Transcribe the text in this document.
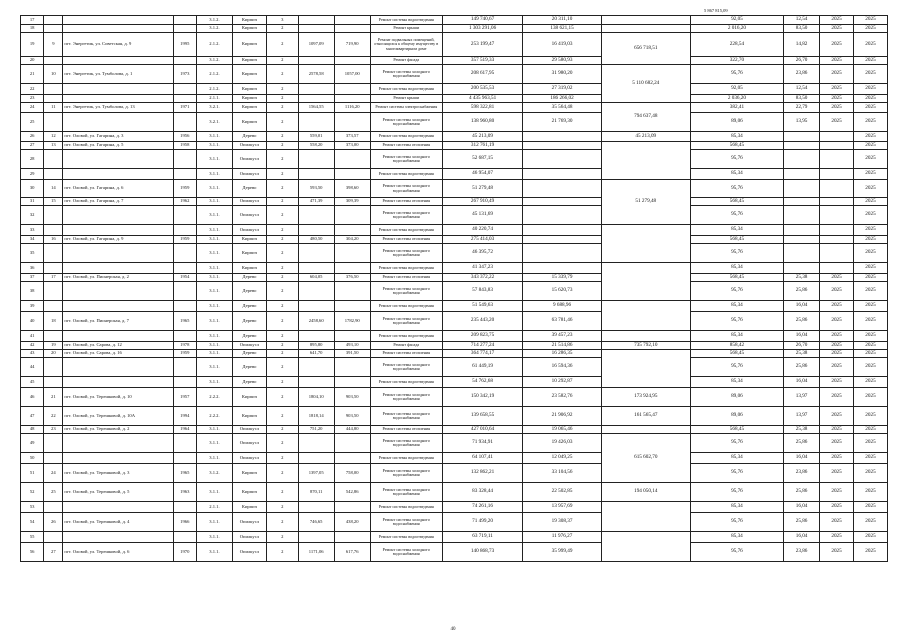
5 867 815,09
17				3.1.2.	Кирпич	3			Ремонт системы водоотведения	149 740,67	20 311,10		92,05	12,54	2025	2025
18				3.1.2.	Кирпич	2			Ремонт крыши	1 303 291,06	138 621,15		2 016,20	83,50	2025	2025
19	9	пгт. Энергетик, ул. Советская, д. 9	1995	2.1.2.	Кирпич	2	1097,09	719,90	Ремонт подвальных помещений, относящихся к общему имуществу в многоквартирном доме	253 199,47	16 419,03	656 718,51	228,54	14,82	2025	2025
20				3.1.2.	Кирпич	2			Ремонт фасада	357 519,33	29 580,93		322,70	26,70	2025	2025
21	10	пгт. Энергетик, ул. Тумболова, д. 1	1973	2.1.2.	Кирпич	2	2578,58	1057,00	Ремонт системы холодного водоснабжения	208 617,95	31 980,20	5 110 682,24	95,76	23,86	2025	2025
22				2.1.2.	Кирпич	2			Ремонт системы водоотведения	200 535,53	27 319,02		92,05	12,54	2025	2025
23				2.1.1.	Кирпич	2			Ремонт крыши	4 435 963,51	186 266,02		2 036,20	83,50	2025	2025
24	11	пгт. Энергетик, ул. Тумболова, д. 13	1971	3.2.1.	Кирпич	2	1564,55	1116,20	Ремонт системы электроснабжения	598 322,81	35 564,48	794 637,48	382,41	22,79	2025	2025
25				3.2.1.	Кирпич	2			Ремонт системы холодного водоснабжения	138 960,80	21 769,30		89,06	13,95	2025	2025
26	12	пгт. Оловой, ул. Гагарина, д. 3	1956	3.1.1.	Дерево	2	559,01	373,57	Ремонт системы водоотведения	45 213,09		45 213,09	85,34			2025
27	13	пгт. Оловой, ул. Гагарина, д. 5	1958	3.1.1.	Опилкусл	2	558,20	373,00	Ремонт системы отопления	312 761,19			568,45			2025
28				3.1.1.	Опилкусл	2			Ремонт системы холодного водоснабжения	52 687,15			95,76			2025
29				3.1.1.	Опилкусл	2			Ремонт системы водоотведения	46 954,07			85,34			2025
30	14	пгт. Оловой, ул. Гагарина, д. 6	1959	3.1.1.	Дерево	2	593,50	398,60	Ремонт системы холодного водоснабжения	51 279,48		51 279,48	95,76			2025
31	15	пгт. Оловой, ул. Гагарина, д. 7	1962	3.1.1.	Опилкусл	2	471,39	309,39	Ремонт системы отопления	267 910,49			568,45			2025
32				3.1.1.	Опилкусл	2			Ремонт системы холодного водоснабжения	45 131,69			95,76			2025
33				3.1.1.	Опилкусл	2			Ремонт системы водоотведения	40 220,74			85,34			2025
34	16	пгт. Оловой, ул. Гагарина, д. 9	1959	3.1.1.	Кирпич	2	480,50	304,20	Ремонт системы отопления	275 414,03			568,45			2025
35				3.1.1.	Кирпич	2			Ремонт системы холодного водоснабжения	46 395,72			95,76			2025
36				3.1.1.	Кирпич	2			Ремонт системы водоотведения	41 347,23			85,34			2025
37	17	пгт. Оловой, ул. Пионерская, д. 2	1954	3.1.1.	Дерево	2	604,05	376,50	Ремонт системы отопления	343 372,22	15 339,79		568,45	25,38	2025	2025
38				3.1.1.	Дерево	2			Ремонт системы холодного водоснабжения	57 843,83	15 620,73		95,76	25,86	2025	2025
39				3.1.1.	Дерево	2			Ремонт системы водоотведения	51 549,63	9 688,96		85,34	16,04	2025	2025
40	18	пгт. Оловой, ул. Пионерская, д. 7	1965	3.1.1.	Дерево	2	2458,60	1782,90	Ремонт системы холодного водоснабжения	235 443,20	63 781,46		95,76	25,86	2025	2025
41				3.1.1.	Дерево	2			Ремонт системы водоотведения	209 823,75	39 457,23		85,34	16,04	2025	2025
42	19	пгт. Оловой, ул. Сарова, д. 12	1978	3.1.1.	Опилкусл	2	895,80	493,10	Ремонт фасада	714 277,24	21 514,86	735 792,10	858,42	26,70	2025	2025
43	20	пгт. Оловой, ул. Сарова, д. 16	1959	3.1.1.	Дерево	2	641,70	391,50	Ремонт системы отопления	364 774,17	16 286,35		568,45	25,38	2025	2025
44				3.1.1.	Дерево	2			Ремонт системы холодного водоснабжения	61 449,19	16 594,36		95,76	25,86	2025	2025
45				3.1.1.	Дерево	2			Ремонт системы водоотведения	54 762,68	10 292,87		85,34	16,04	2025	2025
46	21	пгт. Оловой, ул. Терешковой, д. 10	1957	2.2.2.	Кирпич	2	1804,10	903,50	Ремонт системы холодного водоснабжения	150 342,19	23 582,76	173 924,95	89,06	13,97	2025	2025
47	22	пгт. Оловой, ул. Терешковой, д. 10А	1994	2.2.2.	Кирпич	2	1818,14	903,50	Ремонт системы холодного водоснабжения	139 658,55	21 906,92	161 565,47	89,06	13,97	2025	2025
48	23	пгт. Оловой, ул. Терешковой, д. 2	1964	3.1.1.	Опилкусл	2	751,20	444,80	Ремонт системы отопления	427 010,64	19 065,46		568,45	25,38	2025	2025
49				3.1.1.	Опилкусл	2			Ремонт системы холодного водоснабжения	71 934,91	19 426,03	615 602,70	95,76	25,86	2025	2025
50				3.1.1.	Опилкусл	2			Ремонт системы водоотведения	64 107,41	12 049,25		85,34	16,04	2025	2025
51	24	пгт. Оловой, ул. Терешковой, д. 3	1965	3.1.2.	Кирпич	2	1397,05	758,00	Ремонт системы холодного водоснабжения	132 862,21	33 104,56		95,76	23,86	2025	2025
52	25	пгт. Оловой, ул. Терешковой, д. 5	1963	3.1.1.	Кирпич	2	870,11	542,86	Ремонт системы холодного водоснабжения	83 328,44	22 502,85	194 050,14	95,76	25,86	2025	2025
53				2.1.1.	Кирпич	2			Ремонт системы водоотведения	74 261,16	13 957,69		85,34	16,04	2025	2025
54	26	пгт. Оловой, ул. Терешковой, д. 4	1966	3.1.1.	Опилкусл	2	746,65	438,20	Ремонт системы холодного водоснабжения	71 499,20	19 308,37		95,76	25,86	2025	2025
55				3.1.1.	Опилкусл	2			Ремонт системы водоотведения	63 719,11	11 976,27		85,34	16,04	2025	2025
56	27	пгт. Оловой, ул. Терешковой, д. 6	1970	3.1.1.	Опилкусл	2	1171,06	617,76	Ремонт системы холодного водоснабжения	140 868,73	35 999,49		95,76	23,86	2025	2025
40
